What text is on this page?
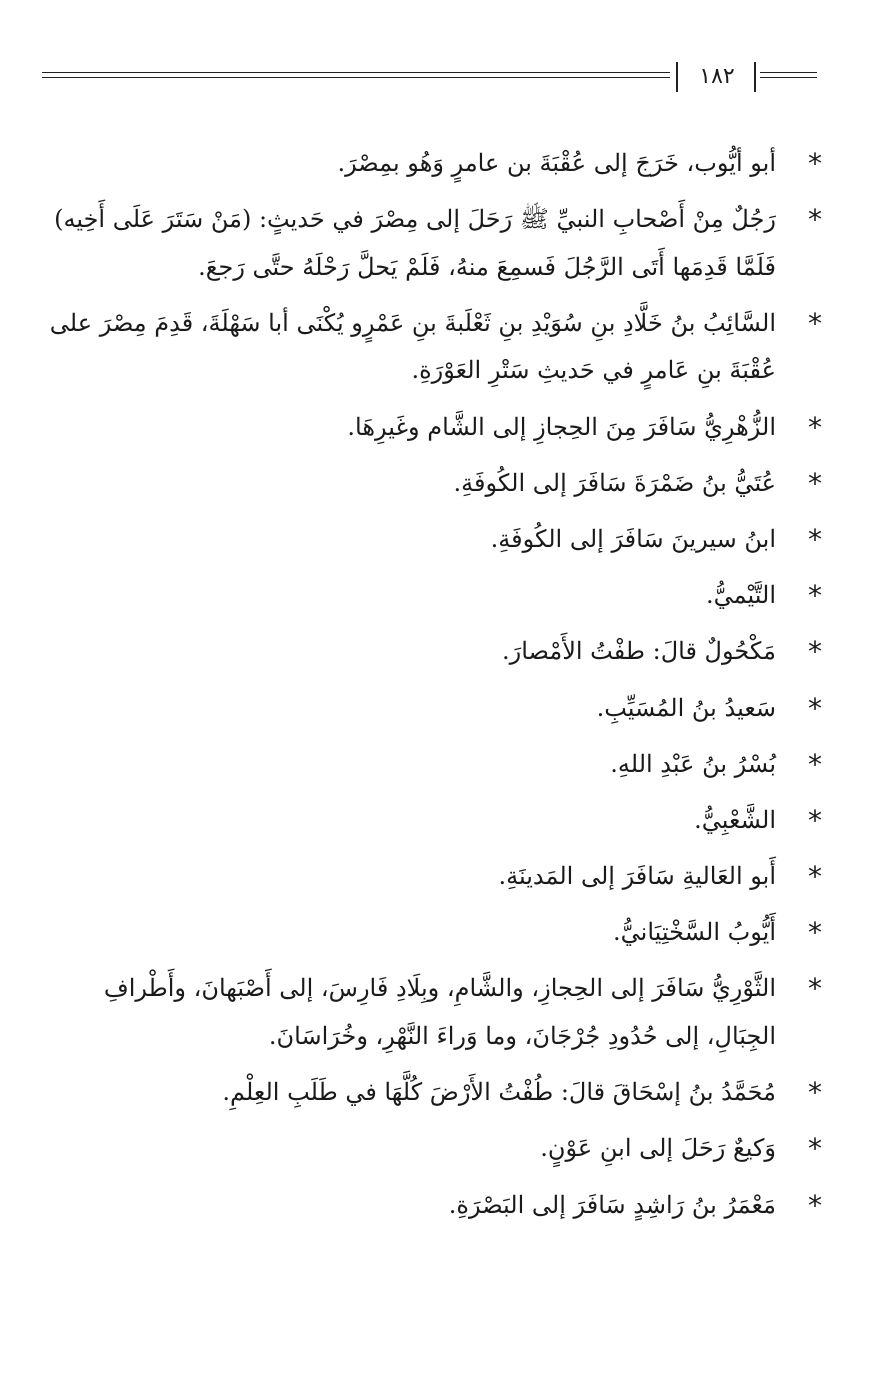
١٨٢
*
أبو أيُّوب، خَرَجَ إلى عُقْبَةَ بن عامرٍ وَهُو بمِصْرَ.
*
رَجُلٌ مِنْ أَصْحابِ النبيِّ ﷺ رَحَلَ إلى مِصْرَ في حَديثٍ: (مَنْ سَتَرَ عَلَى أَخِيه) فَلَمَّا قَدِمَها أَتَى الرَّجُلَ فَسمِعَ منهُ، فَلَمْ يَحلَّ رَحْلَهُ حتَّى رَجعَ.
*
السَّائِبُ بنُ خَلَّادِ بنِ سُوَيْدِ بنِ ثَعْلَبةَ بنِ عَمْرٍو يُكْنَى أبا سَهْلَةَ، قَدِمَ مِصْرَ على عُقْبَةَ بنِ عَامرٍ في حَديثِ سَتْرِ العَوْرَةِ.
*
الزُّهْرِيُّ سَافَرَ مِنَ الحِجازِ إلى الشَّام وغَيرِهَا.
*
عُتَيُّ بنُ ضَمْرَةَ سَافَرَ إلى الكُوفَةِ.
*
ابنُ سيرينَ سَافَرَ إلى الكُوفَةِ.
*
التَّيْميُّ.
*
مَكْحُولٌ قالَ: طفْتُ الأَمْصارَ.
*
سَعيدُ بنُ المُسَيِّبِ.
*
بُسْرُ بنُ عَبْدِ اللهِ.
*
الشَّعْبِيُّ.
*
أَبو العَاليةِ سَافَرَ إلى المَدينَةِ.
*
أَيُّوبُ السَّخْتِيَانيُّ.
*
الثَّوْرِيُّ سَافَرَ إلى الحِجازِ، والشَّامِ، وبِلَادِ فَارِسَ، إلى أَصْبَهانَ، وأَطْرافِ الجِبَالِ، إلى حُدُودِ جُرْجَانَ، وما وَراءَ النَّهْرِ، وخُرَاسَانَ.
*
مُحَمَّدُ بنُ إسْحَاقَ قالَ: طُفْتُ الأَرْضَ كُلَّهَا في طَلَبِ العِلْمِ.
*
وَكيعٌ رَحَلَ إلى ابنِ عَوْنٍ.
*
مَعْمَرُ بنُ رَاشِدٍ سَافَرَ إلى البَصْرَةِ.
